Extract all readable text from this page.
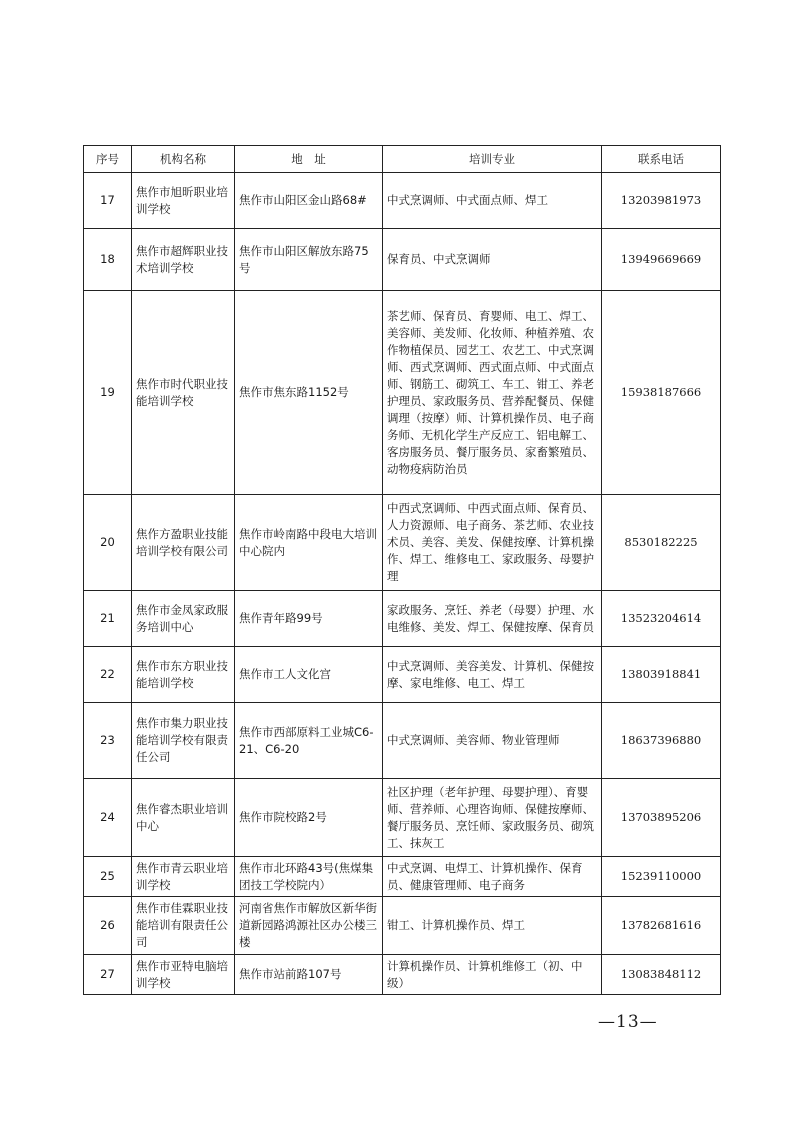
序号	机构名称	地　址	培训专业	联系电话
17	焦作市旭昕职业培训学校	焦作市山阳区金山路68#	中式烹调师、中式面点师、焊工	13203981973
18	焦作市超辉职业技术培训学校	焦作市山阳区解放东路75号	保育员、中式烹调师	13949669669
19	焦作市时代职业技能培训学校	焦作市焦东路1152号	茶艺师、保育员、育婴师、电工、焊工、美容师、美发师、化妆师、种植养殖、农作物植保员、园艺工、农艺工、中式烹调师、西式烹调师、西式面点师、中式面点师、钢筋工、砌筑工、车工、钳工、养老护理员、家政服务员、营养配餐员、保健调理（按摩）师、计算机操作员、电子商务师、无机化学生产反应工、铝电解工、客房服务员、餐厅服务员、家畜繁殖员、动物疫病防治员	15938187666
20	焦作方盈职业技能培训学校有限公司	焦作市岭南路中段电大培训中心院内	中西式烹调师、中西式面点师、保育员、人力资源师、电子商务、茶艺师、农业技术员、美容、美发、保健按摩、计算机操作、焊工、维修电工、家政服务、母婴护理	8530182225
21	焦作市金凤家政服务培训中心	焦作青年路99号	家政服务、烹饪、养老（母婴）护理、水电维修、美发、焊工、保健按摩、保育员	13523204614
22	焦作市东方职业技能培训学校	焦作市工人文化宫	中式烹调师、美容美发、计算机、保健按摩、家电维修、电工、焊工	13803918841
23	焦作市集力职业技能培训学校有限责任公司	焦作市西部原料工业城C6-21、C6-20	中式烹调师、美容师、物业管理师	18637396880
24	焦作睿杰职业培训中心	焦作市院校路2号	社区护理（老年护理、母婴护理）、育婴师、营养师、心理咨询师、保健按摩师、餐厅服务员、烹饪师、家政服务员、砌筑工、抹灰工	13703895206
25	焦作市青云职业培训学校	焦作市北环路43号(焦煤集团技工学校院内）	中式烹调、电焊工、计算机操作、保育员、健康管理师、电子商务	15239110000
26	焦作市佳霖职业技能培训有限责任公司	河南省焦作市解放区新华街道新园路鸿源社区办公楼三楼	钳工、计算机操作员、焊工	13782681616
27	焦作市亚特电脑培训学校	焦作市站前路107号	计算机操作员、计算机维修工（初、中级）	13083848112
—13—
